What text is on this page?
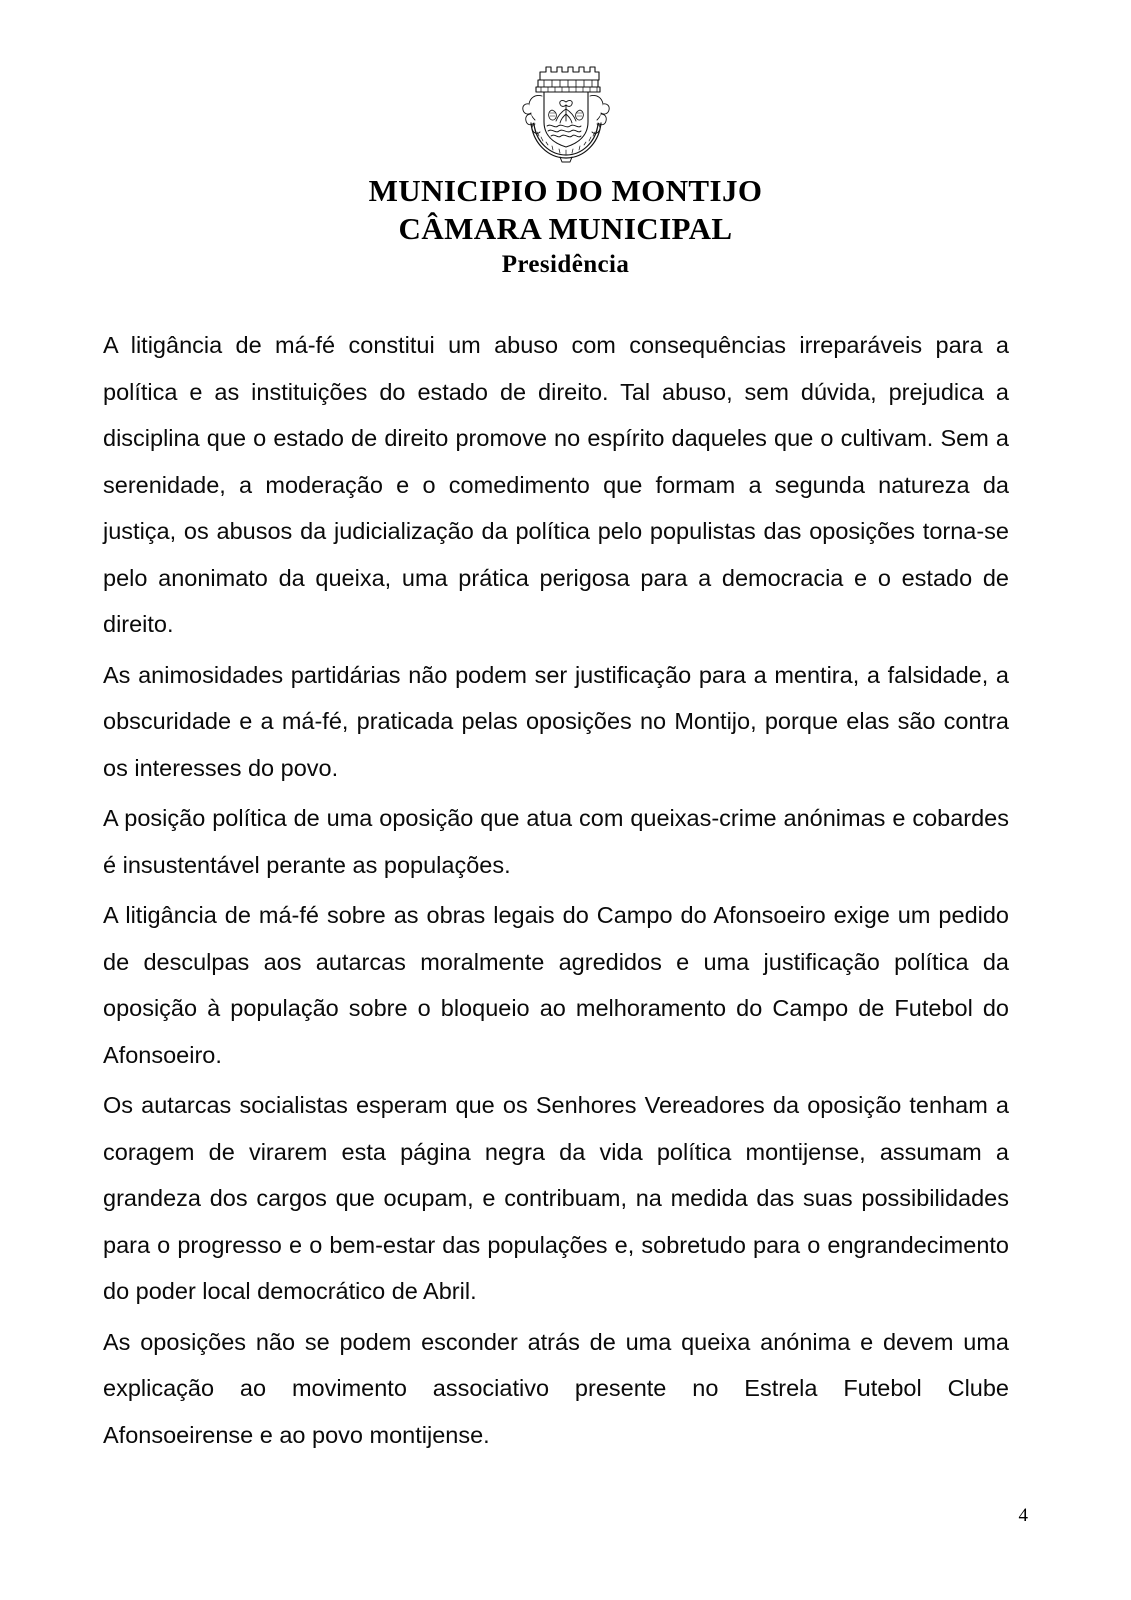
MUNICIPIO DO MONTIJO
CÂMARA MUNICIPAL
Presidência

A litigância de má-fé constitui um abuso com consequências irreparáveis para a política e as instituições do estado de direito. Tal abuso, sem dúvida, prejudica a disciplina que o estado de direito promove no espírito daqueles que o cultivam. Sem a serenidade, a moderação e o comedimento que formam a segunda natureza da justiça, os abusos da judicialização da política pelo populistas das oposições torna-se pelo anonimato da queixa, uma prática perigosa para a democracia e o estado de direito.

As animosidades partidárias não podem ser justificação para a mentira, a falsidade, a obscuridade e a má-fé, praticada pelas oposições no Montijo, porque elas são contra os interesses do povo.

A posição política de uma oposição que atua com queixas-crime anónimas e cobardes é insustentável perante as populações.

A litigância de má-fé sobre as obras legais do Campo do Afonsoeiro exige um pedido de desculpas aos autarcas moralmente agredidos e uma justificação política da oposição à população sobre o bloqueio ao melhoramento do Campo de Futebol do Afonsoeiro.

Os autarcas socialistas esperam que os Senhores Vereadores da oposição tenham a coragem de virarem esta página negra da vida política montijense, assumam a grandeza dos cargos que ocupam, e contribuam, na medida das suas possibilidades para o progresso e o bem-estar das populações e, sobretudo para o engrandecimento do poder local democrático de Abril.

As oposições não se podem esconder atrás de uma queixa anónima e devem uma explicação ao movimento associativo presente no Estrela Futebol Clube Afonsoeirense e ao povo montijense.

4
